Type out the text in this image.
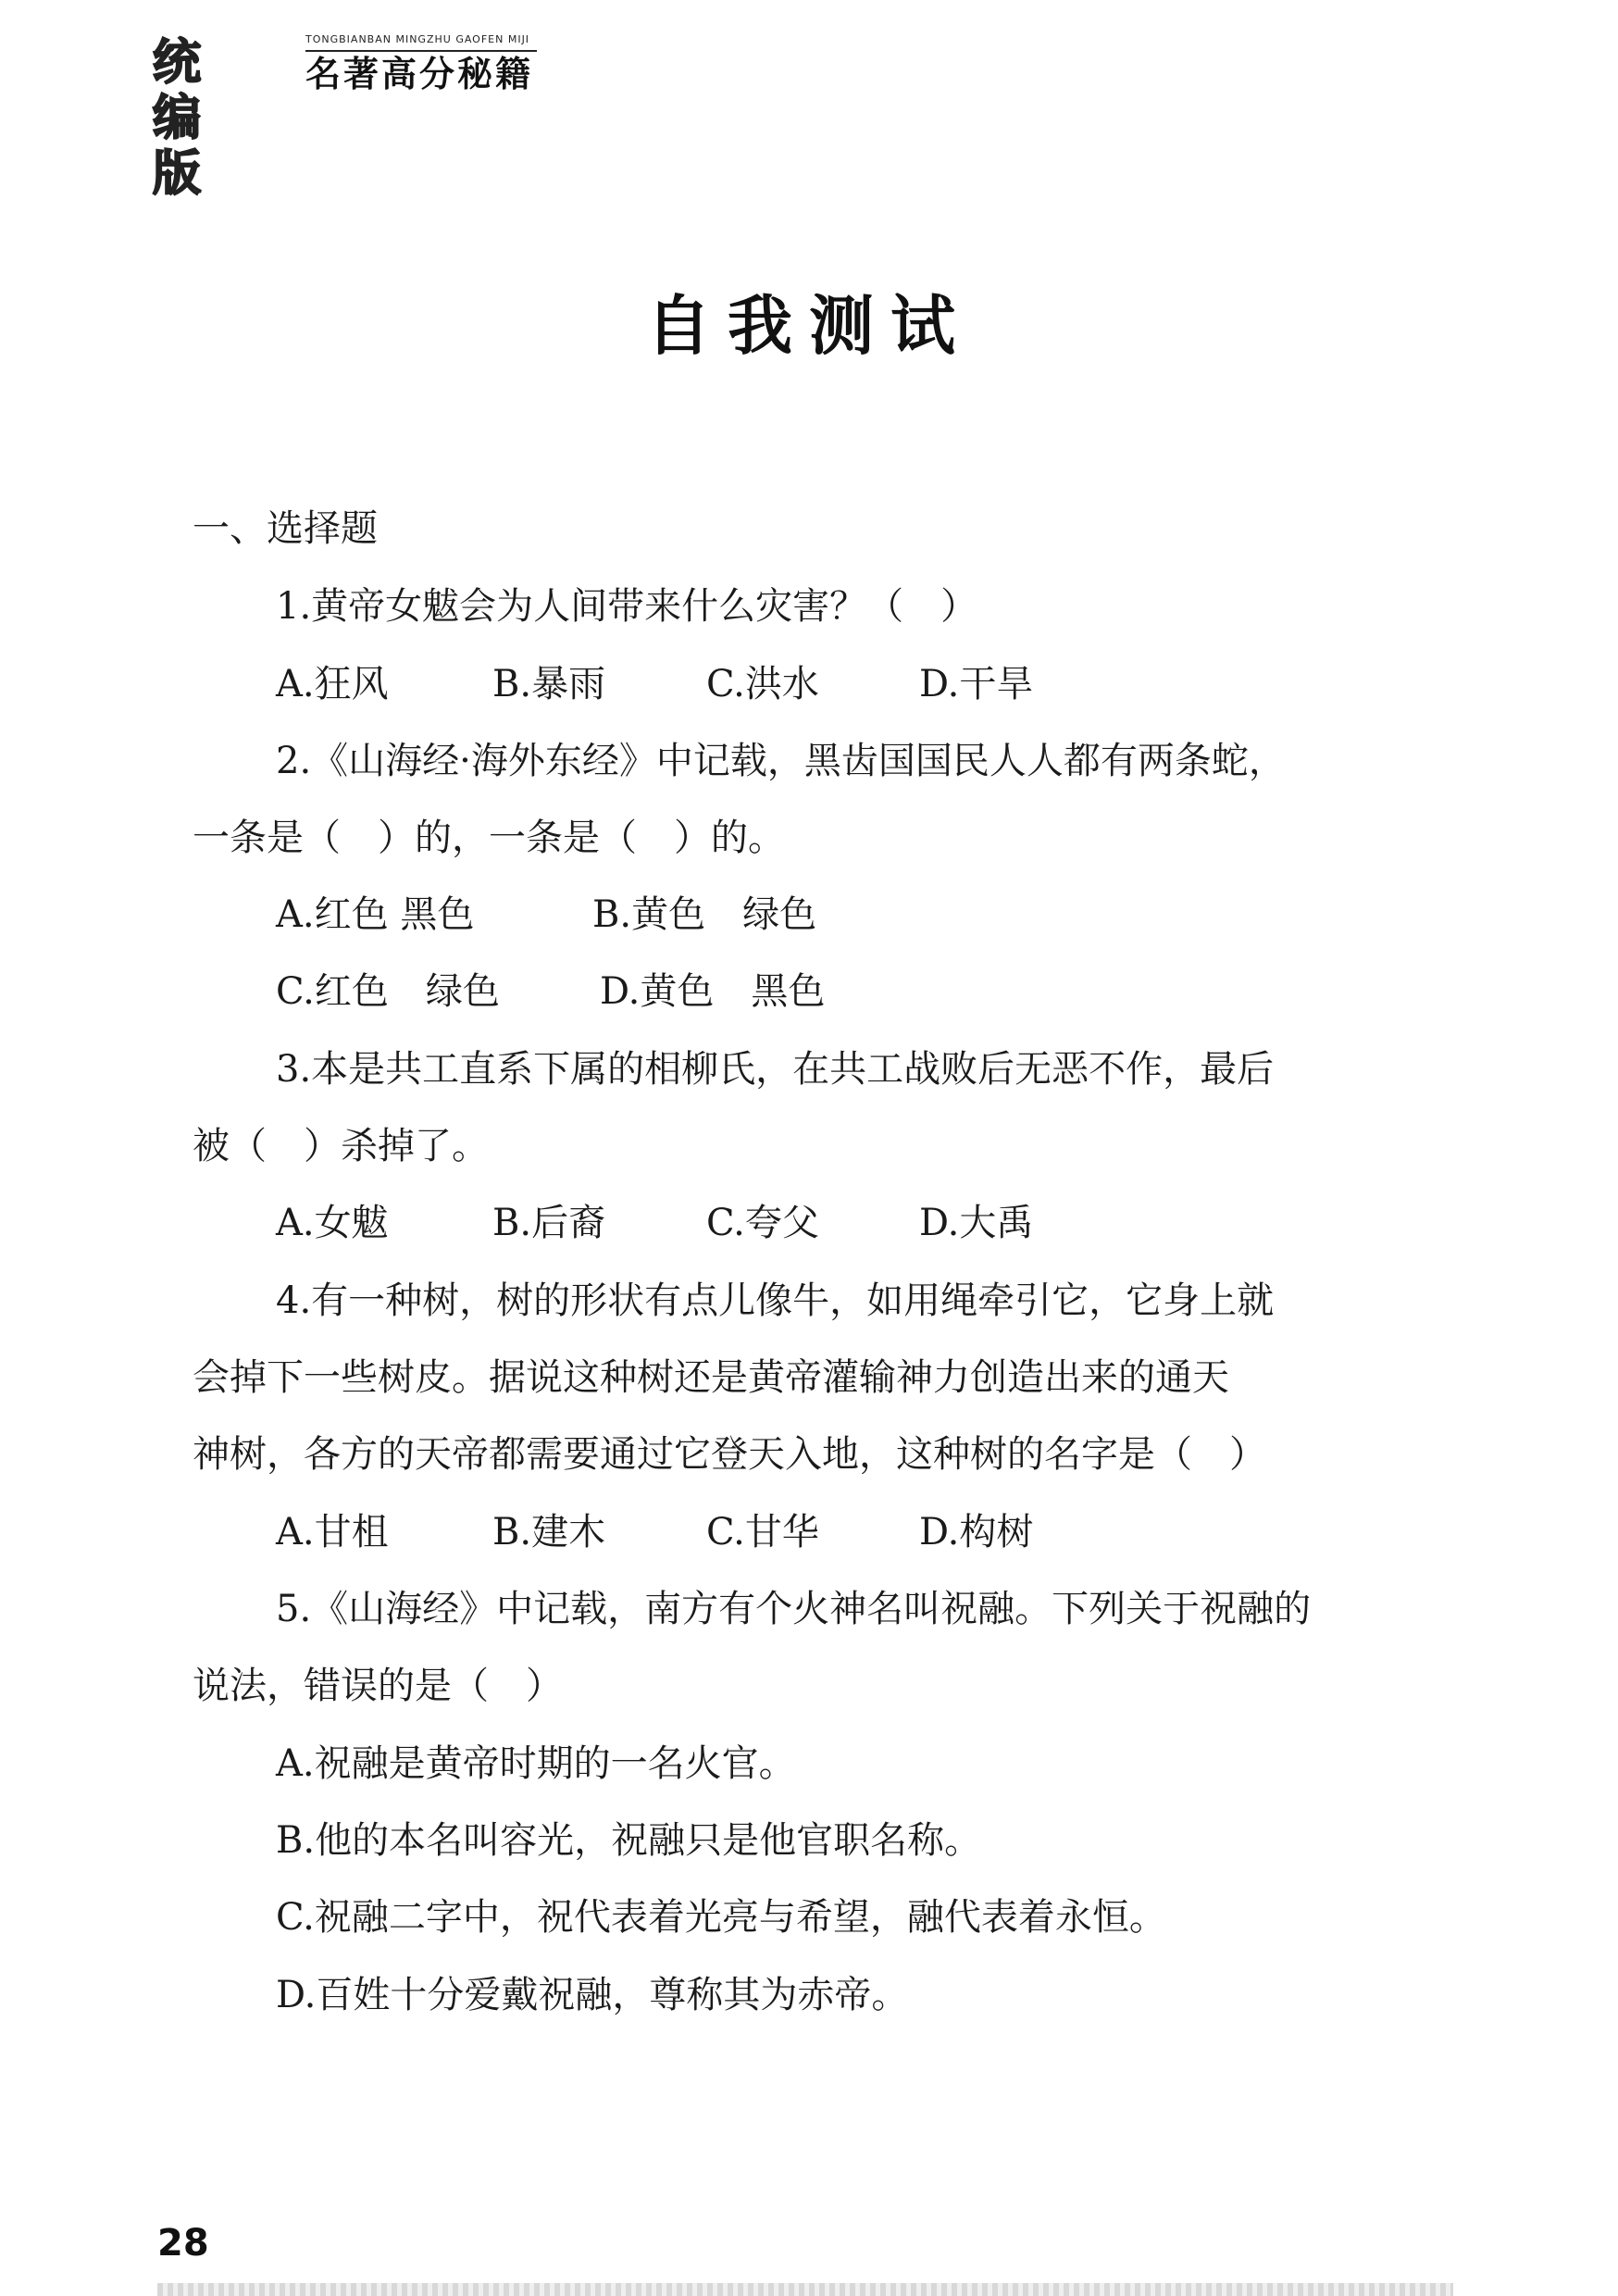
统编版
TONGBIANBAN MINGZHU GAOFEN MIJI
名著高分秘籍
自我测试
一、选择题
1.黄帝女魃会为人间带来什么灾害？（　）
A.狂风	B.暴雨	C.洪水	D.干旱
2.《山海经·海外东经》中记载，黑齿国国民人人都有两条蛇，
一条是（　）的，一条是（　）的。
A.红色 黑色	B.黄色　绿色
C.红色　绿色	D.黄色　黑色
3.本是共工直系下属的相柳氏，在共工战败后无恶不作，最后
被（　）杀掉了。
A.女魃	B.后裔	C.夸父	D.大禹
4.有一种树，树的形状有点儿像牛，如用绳牵引它，它身上就
会掉下一些树皮。据说这种树还是黄帝灌输神力创造出来的通天
神树，各方的天帝都需要通过它登天入地，这种树的名字是（　）
A.甘柤	B.建木	C.甘华	D.构树
5.《山海经》中记载，南方有个火神名叫祝融。下列关于祝融的
说法，错误的是（　）
A.祝融是黄帝时期的一名火官。
B.他的本名叫容光，祝融只是他官职名称。
C.祝融二字中，祝代表着光亮与希望，融代表着永恒。
D.百姓十分爱戴祝融，尊称其为赤帝。
28
